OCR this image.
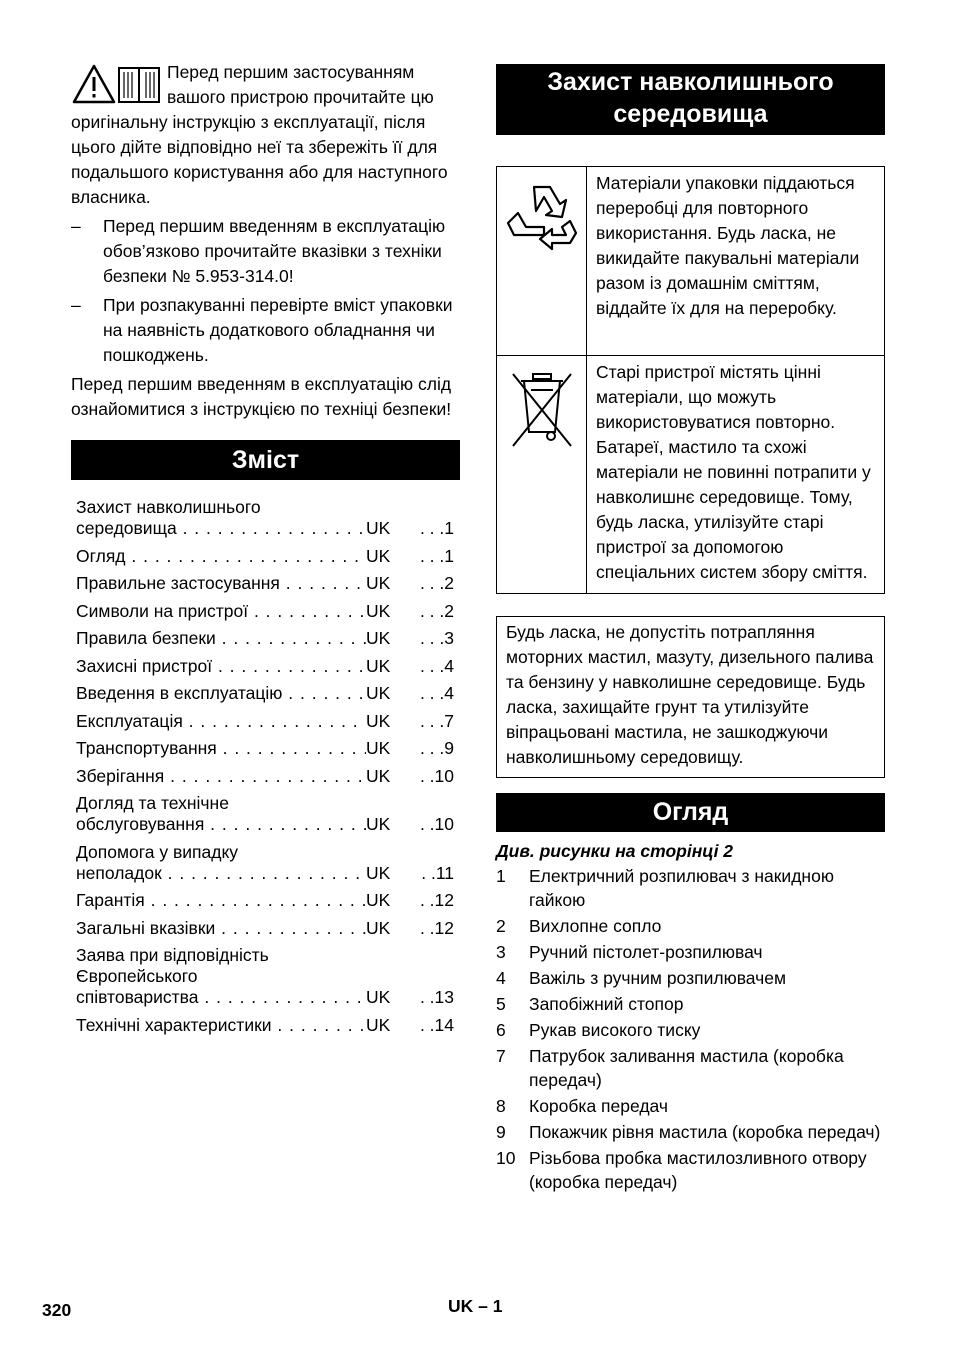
Перед першим застосуванням вашого пристрою прочитайте цю оригінальну інструкцію з експлуатації, після цього дійте відповідно неї та збережіть її для подальшого користування або для наступного власника.

– Перед першим введенням в експлуатацію обов’язково прочитайте вказівки з техніки безпеки № 5.953-314.0!
– При розпакуванні перевірте вміст упаковки на наявність додаткового обладнання чи пошкоджень.

Перед першим введенням в експлуатацію слід ознайомитися з інструкцією по техніці безпеки!

Зміст
Захист навколишнього
середовища . . .	UK	. . .1
Огляд . . .	UK	. . .1
Правильне застосування . . .	UK	. . .2
Символи на пристрої . . .	UK	. . .2
Правила безпеки . . .	UK	. . .3
Захисні пристрої . . .	UK	. . .4
Введення в експлуатацію . . .	UK	. . .4
Експлуатація . . .	UK	. . .7
Транспортування . . .	UK	. . .9
Зберігання . . .	UK	. .10
Догляд та технічне
обслуговування . . .	UK	. .10
Допомога у випадку
неполадок . . .	UK	. .11
Гарантія . . .	UK	. .12
Загальні вказівки . . .	UK	. .12
Заява при відповідність
Європейського
співтовариства . . .	UK	. .13
Технічні характеристики . . .	UK	. .14
Захист навколишнього середовища
Матеріали упаковки піддаються переробці для повторного використання. Будь ласка, не викидайте пакувальні матеріали разом із домашнім сміттям, віддайте їх для на переробку.
Старі пристрої містять цінні матеріали, що можуть використовуватися повторно. Батареї, мастило та схожі матеріали не повинні потрапити у навколишнє середовище. Тому, будь ласка, утилізуйте старі пристрої за допомогою спеціальних систем збору сміття.
Будь ласка, не допустіть потрапляння моторних мастил, мазуту, дизельного палива та бензину у навколишне середовище. Будь ласка, захищайте грунт та утилізуйте віпрацьовані мастила, не зашкоджуючи навколишньому середовищу.
Огляд
Див. рисунки на сторінці 2
1 Електричний розпилювач з накидною гайкою
2 Вихлопне сопло
3 Ручний пістолет-розпилювач
4 Важіль з ручним розпилювачем
5 Запобіжний стопор
6 Рукав високого тиску
7 Патрубок заливання мастила (коробка передач)
8 Коробка передач
9 Покажчик рівня мастила (коробка передач)
10 Різьбова пробка мастилозливного отвору (коробка передач)
320	UK – 1
